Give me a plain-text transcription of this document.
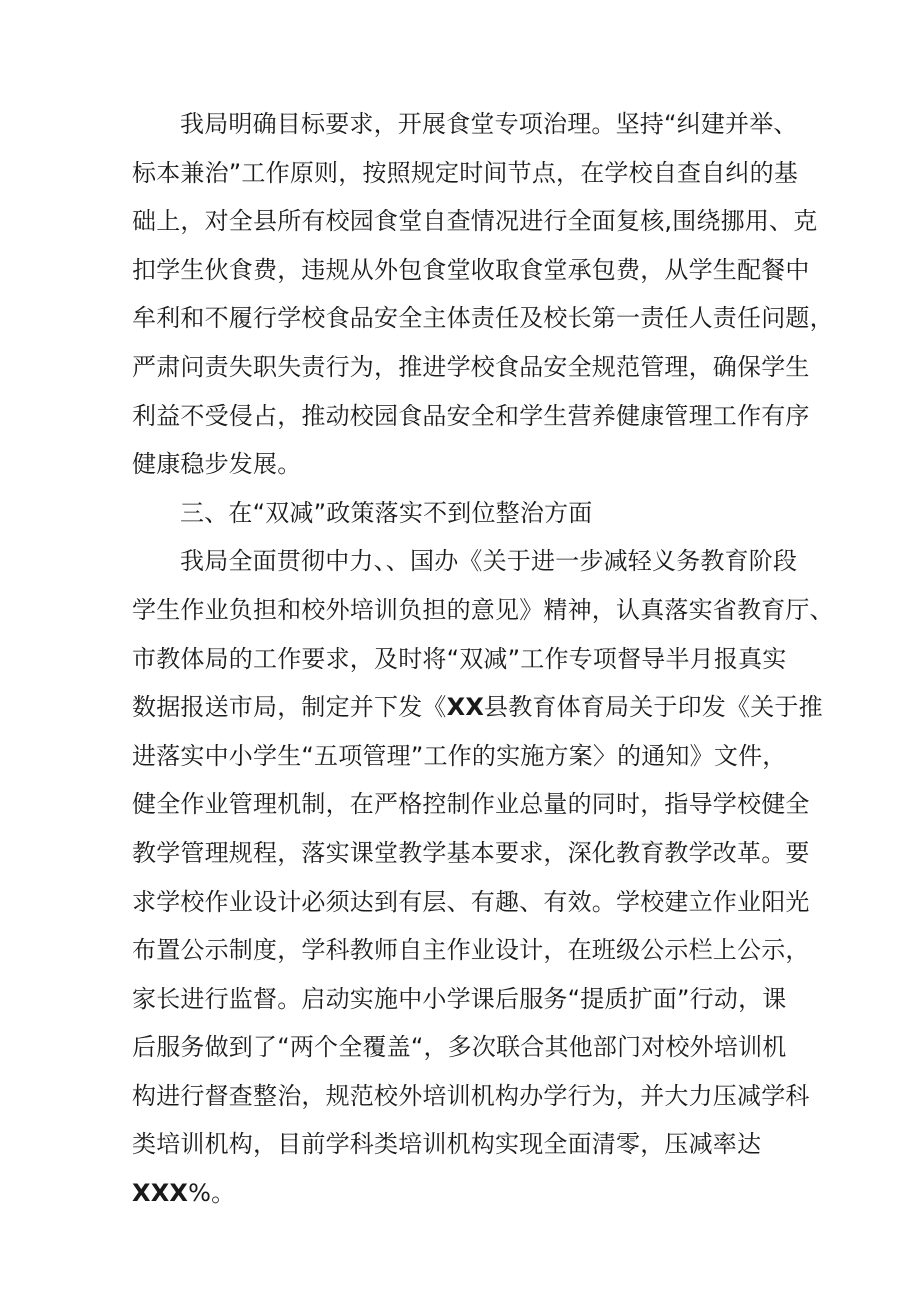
我局明确目标要求，开展食堂专项治理。坚持“纠建并举、
标本兼治”工作原则，按照规定时间节点，在学校自查自纠的基
础上，对全县所有校园食堂自查情况进行全面复核,围绕挪用、克
扣学生伙食费，违规从外包食堂收取食堂承包费，从学生配餐中
牟利和不履行学校食品安全主体责任及校长第一责任人责任问题，
严肃问责失职失责行为，推进学校食品安全规范管理，确保学生
利益不受侵占，推动校园食品安全和学生营养健康管理工作有序
健康稳步发展。
三、在“双减”政策落实不到位整治方面
我局全面贯彻中力、、国办《关于进一步减轻义务教育阶段
学生作业负担和校外培训负担的意见》精神，认真落实省教育厅、
市教体局的工作要求，及时将“双减”工作专项督导半月报真实
数据报送市局，制定并下发《XX县教育体育局关于印发《关于推
进落实中小学生“五项管理”工作的实施方案〉的通知》文件，
健全作业管理机制，在严格控制作业总量的同时，指导学校健全
教学管理规程，落实课堂教学基本要求，深化教育教学改革。要
求学校作业设计必须达到有层、有趣、有效。学校建立作业阳光
布置公示制度，学科教师自主作业设计，在班级公示栏上公示，
家长进行监督。启动实施中小学课后服务“提质扩面”行动，课
后服务做到了“两个全覆盖“，多次联合其他部门对校外培训机
构进行督查整治，规范校外培训机构办学行为，并大力压减学科
类培训机构，目前学科类培训机构实现全面清零，压减率达
XXX%。
